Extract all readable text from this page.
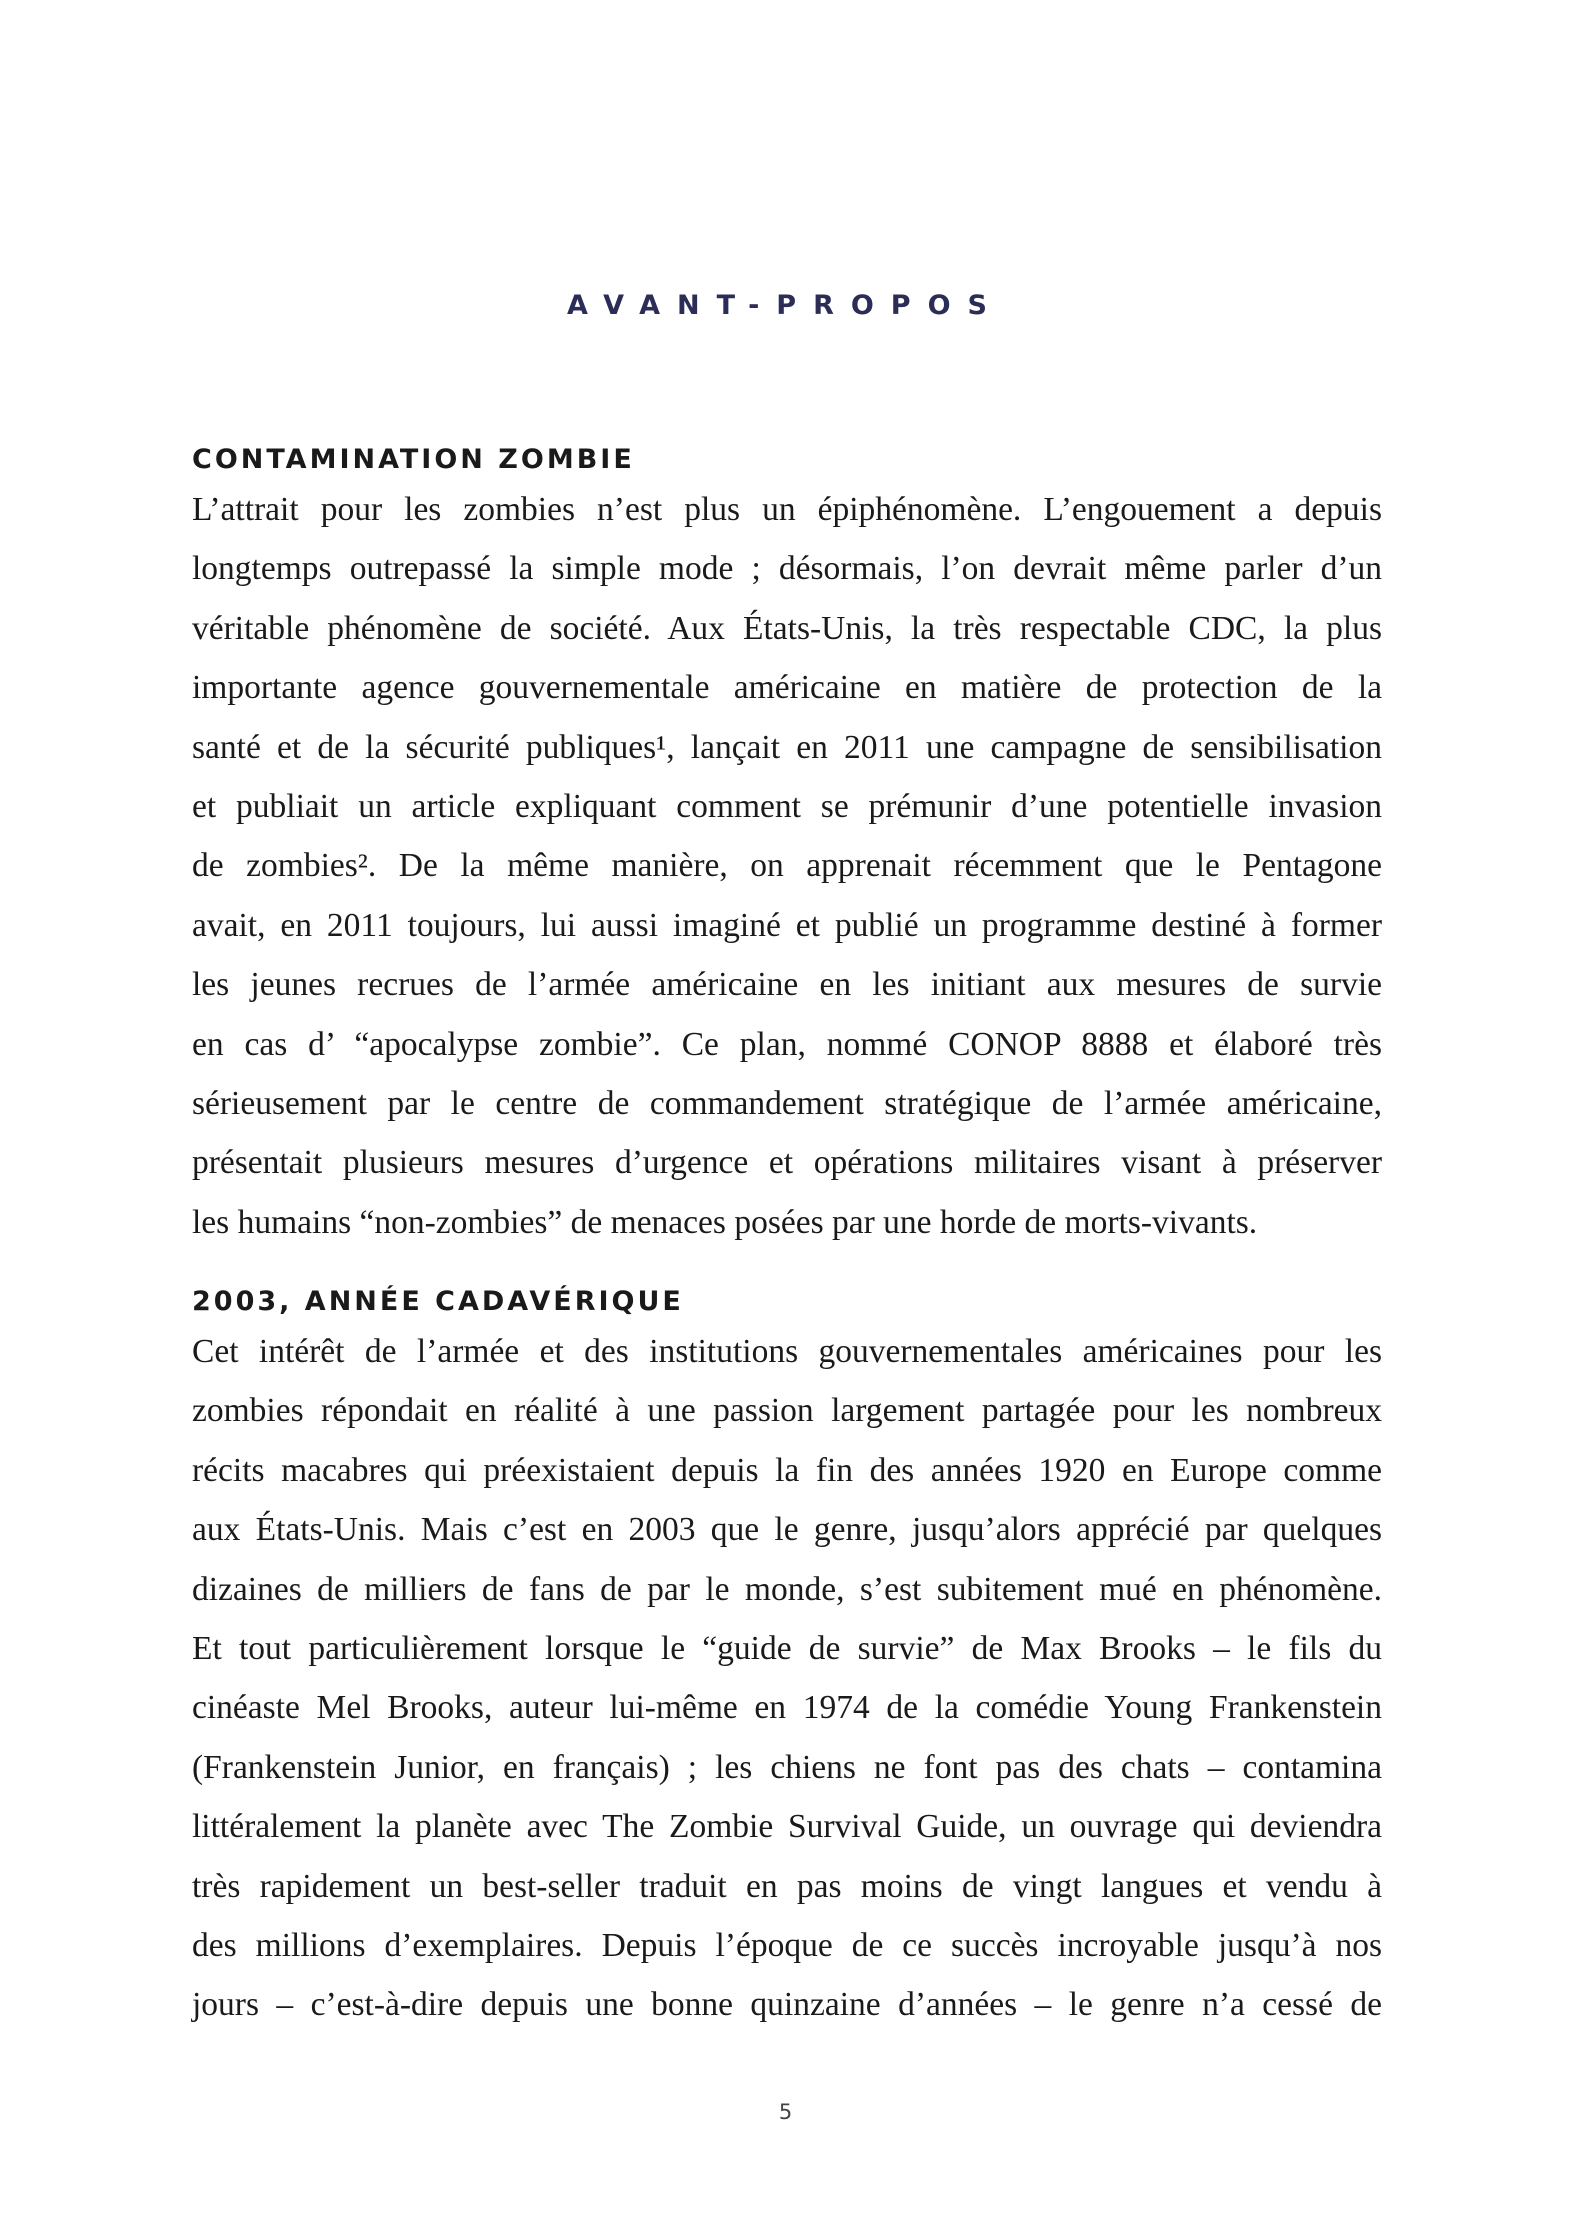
AVANT-PROPOS
CONTAMINATION ZOMBIE
L’attrait pour les zombies n’est plus un épiphénomène. L’engouement a depuis
longtemps outrepassé la simple mode ; désormais, l’on devrait même parler d’un
véritable phénomène de société. Aux États-Unis, la très respectable CDC, la plus
importante agence gouvernementale américaine en matière de protection de la
santé et de la sécurité publiques¹, lançait en 2011 une campagne de sensibilisation
et publiait un article expliquant comment se prémunir d’une potentielle invasion
de zombies². De la même manière, on apprenait récemment que le Pentagone
avait, en 2011 toujours, lui aussi imaginé et publié un programme destiné à former
les jeunes recrues de l’armée américaine en les initiant aux mesures de survie
en cas d’ “apocalypse zombie”. Ce plan, nommé CONOP 8888 et élaboré très
sérieusement par le centre de commandement stratégique de l’armée américaine,
présentait plusieurs mesures d’urgence et opérations militaires visant à préserver
les humains “non-zombies” de menaces posées par une horde de morts-vivants.
2003, ANNÉE CADAVÉRIQUE
Cet intérêt de l’armée et des institutions gouvernementales américaines pour les
zombies répondait en réalité à une passion largement partagée pour les nombreux
récits macabres qui préexistaient depuis la fin des années 1920 en Europe comme
aux États-Unis. Mais c’est en 2003 que le genre, jusqu’alors apprécié par quelques
dizaines de milliers de fans de par le monde, s’est subitement mué en phénomène.
Et tout particulièrement lorsque le “guide de survie” de Max Brooks – le fils du
cinéaste Mel Brooks, auteur lui-même en 1974 de la comédie Young Frankenstein
(Frankenstein Junior, en français) ; les chiens ne font pas des chats – contamina
littéralement la planète avec The Zombie Survival Guide, un ouvrage qui deviendra
très rapidement un best-seller traduit en pas moins de vingt langues et vendu à
des millions d’exemplaires. Depuis l’époque de ce succès incroyable jusqu’à nos
jours – c’est-à-dire depuis une bonne quinzaine d’années – le genre n’a cessé de
5
